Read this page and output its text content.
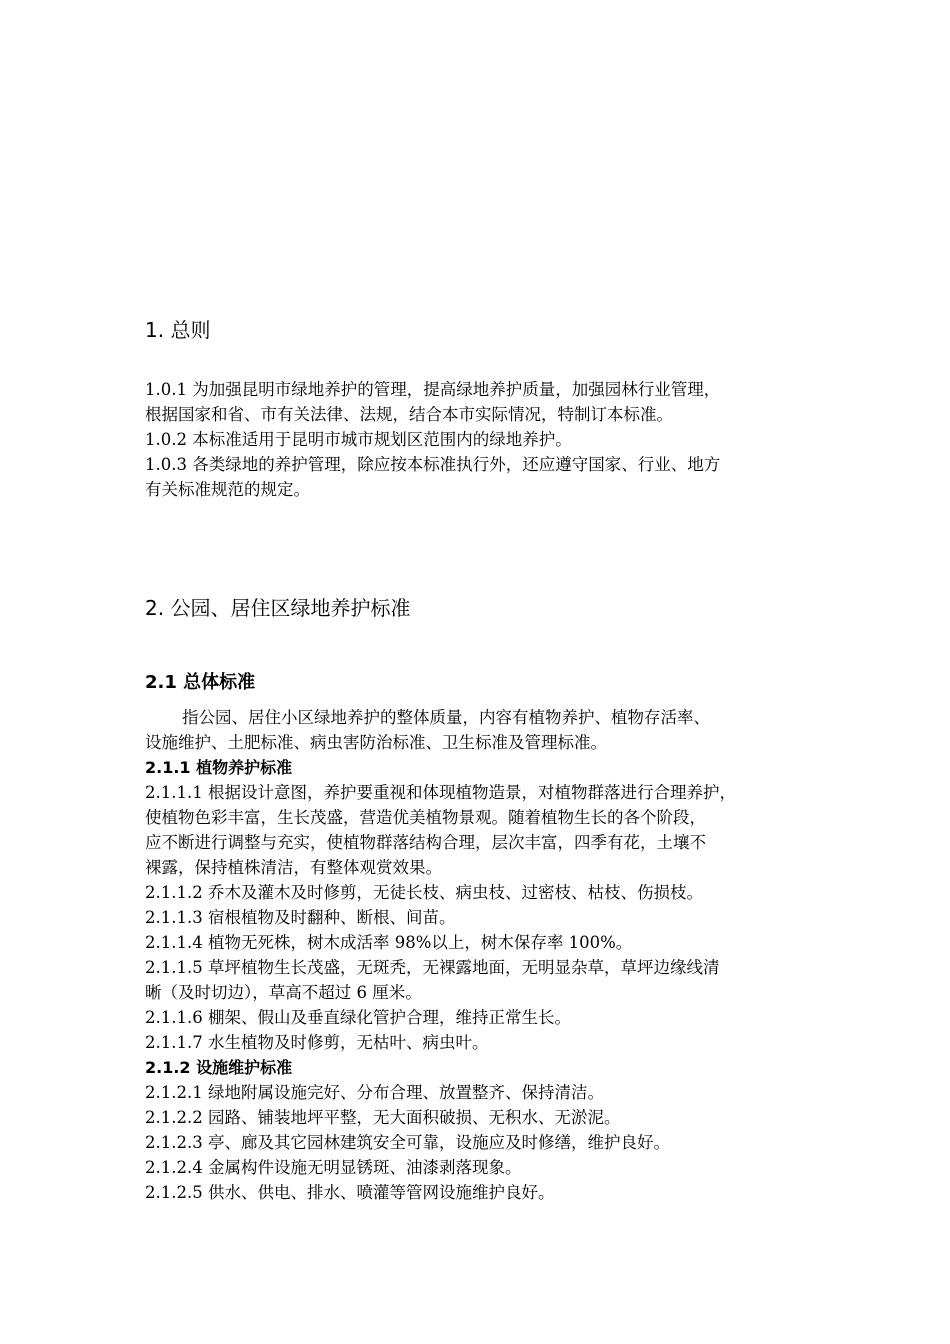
1. 总则
1.0.1 为加强昆明市绿地养护的管理，提高绿地养护质量，加强园林行业管理，
根据国家和省、市有关法律、法规，结合本市实际情况，特制订本标准。
1.0.2 本标准适用于昆明市城市规划区范围内的绿地养护。
1.0.3 各类绿地的养护管理，除应按本标准执行外，还应遵守国家、行业、地方
有关标准规范的规定。
2. 公园、居住区绿地养护标准
2.1 总体标准
指公园、居住小区绿地养护的整体质量，内容有植物养护、植物存活率、
设施维护、土肥标准、病虫害防治标准、卫生标准及管理标准。
2.1.1 植物养护标准
2.1.1.1 根据设计意图，养护要重视和体现植物造景，对植物群落进行合理养护，
使植物色彩丰富，生长茂盛，营造优美植物景观。随着植物生长的各个阶段，
应不断进行调整与充实，使植物群落结构合理，层次丰富，四季有花，土壤不
裸露，保持植株清洁，有整体观赏效果。
2.1.1.2 乔木及灌木及时修剪，无徒长枝、病虫枝、过密枝、枯枝、伤损枝。
2.1.1.3 宿根植物及时翻种、断根、间苗。
2.1.1.4 植物无死株，树木成活率 98%以上，树木保存率 100%。
2.1.1.5 草坪植物生长茂盛，无斑秃，无裸露地面，无明显杂草，草坪边缘线清
晰（及时切边），草高不超过 6 厘米。
2.1.1.6 棚架、假山及垂直绿化管护合理，维持正常生长。
2.1.1.7 水生植物及时修剪，无枯叶、病虫叶。
2.1.2 设施维护标准
2.1.2.1 绿地附属设施完好、分布合理、放置整齐、保持清洁。
2.1.2.2 园路、铺装地坪平整，无大面积破损、无积水、无淤泥。
2.1.2.3 亭、廊及其它园林建筑安全可靠，设施应及时修缮，维护良好。
2.1.2.4 金属构件设施无明显锈斑、油漆剥落现象。
2.1.2.5 供水、供电、排水、喷灌等管网设施维护良好。
